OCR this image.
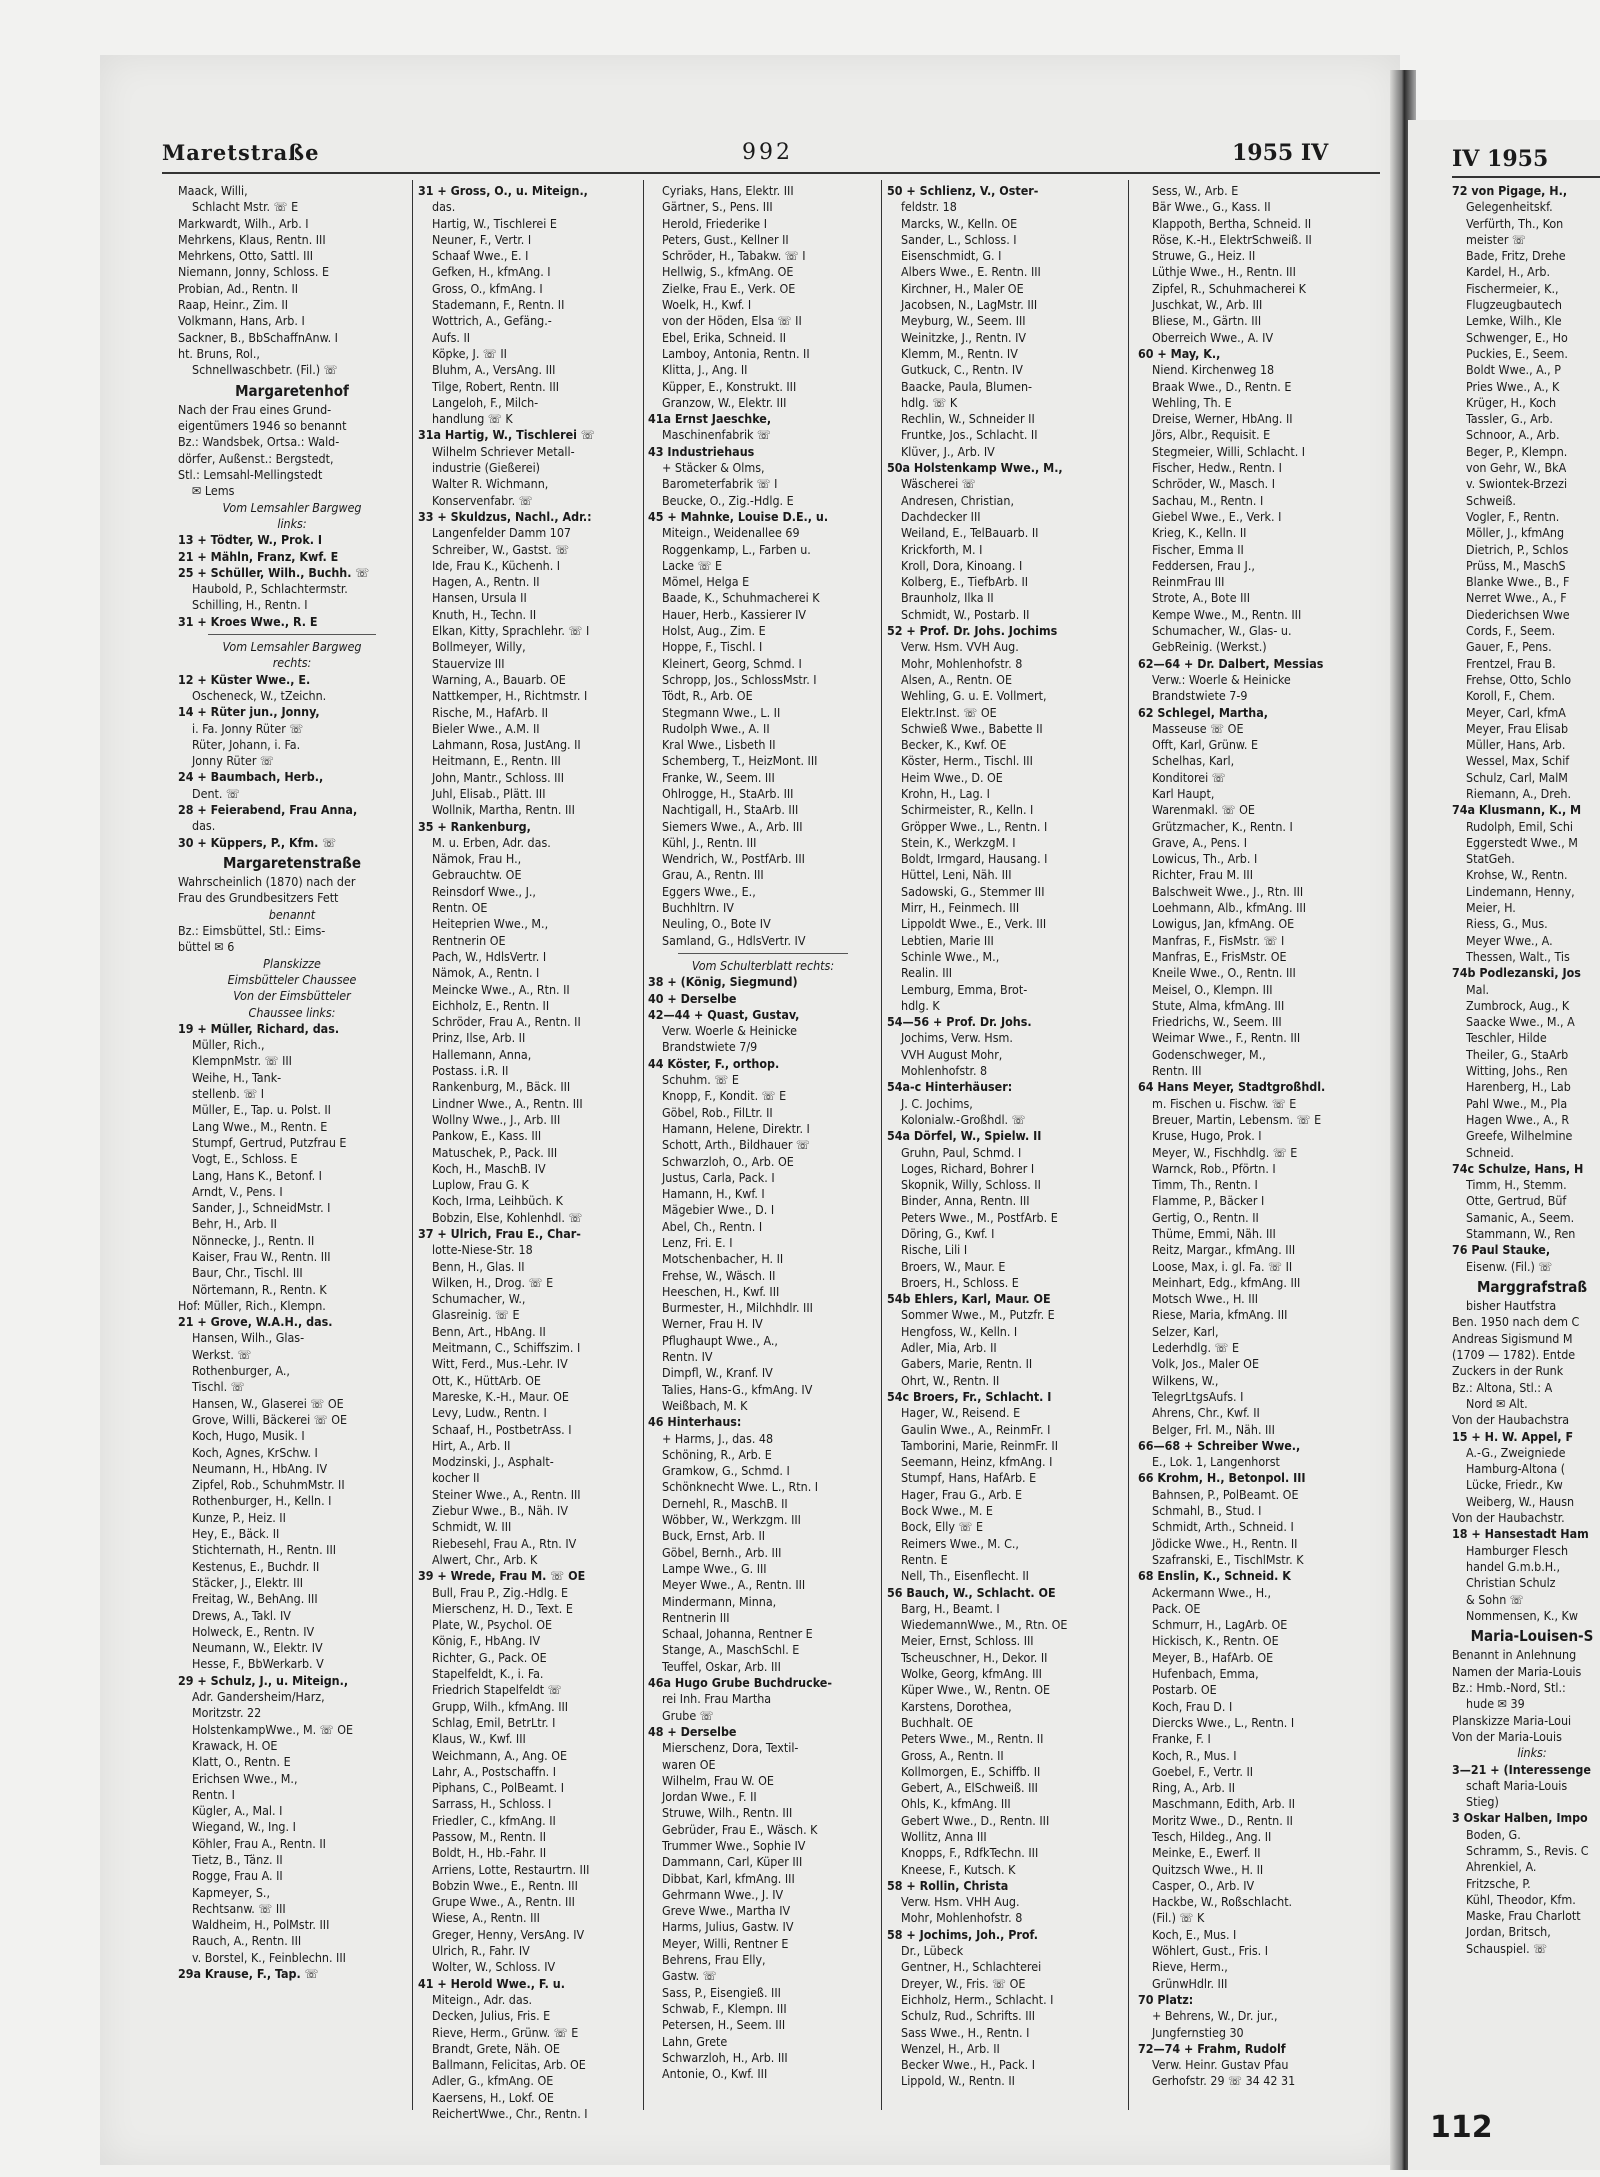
Maretstraße	992	1955 IV	IV 1955
Maack, Willi,
Schlacht Mstr. ☏ E
Markwardt, Wilh., Arb. I
Mehrkens, Klaus, Rentn. III
Mehrkens, Otto, Sattl. III
Niemann, Jonny, Schloss. E
Probian, Ad., Rentn. II
Raap, Heinr., Zim. II
Volkmann, Hans, Arb. I
Sackner, B., BbSchaffnAnw. I
ht. Bruns, Rol.,
Schnellwaschbetr. (Fil.) ☏
Margaretenhof
Nach der Frau eines Grund-
eigentümers 1946 so benannt
Bz.: Wandsbek, Ortsa.: Wald-
dörfer, Außenst.: Bergstedt,
Stl.: Lemsahl-Mellingstedt
✉ Lems
Vom Lemsahler Bargweg
links:
13 + Tödter, W., Prok. I
21 + Mähln, Franz, Kwf. E
25 + Schüller, Wilh., Buchh. ☏
Haubold, P., Schlachtermstr.
Schilling, H., Rentn. I
31 + Kroes Wwe., R. E
Vom Lemsahler Bargweg
rechts:
12 + Küster Wwe., E.
Oscheneck, W., tZeichn.
14 + Rüter jun., Jonny,
i. Fa. Jonny Rüter ☏
Rüter, Johann, i. Fa.
Jonny Rüter ☏
24 + Baumbach, Herb.,
Dent. ☏
28 + Feierabend, Frau Anna,
das.
30 + Küppers, P., Kfm. ☏
Margaretenstraße
Wahrscheinlich (1870) nach der
Frau des Grundbesitzers Fett
benannt
Bz.: Eimsbüttel, Stl.: Eims-
büttel ✉ 6
Planskizze
Eimsbütteler Chaussee
Von der Eimsbütteler
Chaussee links:
19 + Müller, Richard, das.
Müller, Rich.,
KlempnMstr. ☏ III
Weihe, H., Tank-
stellenb. ☏ I
Müller, E., Tap. u. Polst. II
Lang Wwe., M., Rentn. E
Stumpf, Gertrud, Putzfrau E
Vogt, E., Schloss. E
Lang, Hans K., Betonf. I
Arndt, V., Pens. I
Sander, J., SchneidMstr. I
Behr, H., Arb. II
Nönnecke, J., Rentn. II
Kaiser, Frau W., Rentn. III
Baur, Chr., Tischl. III
Nörtemann, R., Rentn. K
Hof: Müller, Rich., Klempn.
21 + Grove, W.A.H., das.
Hansen, Wilh., Glas-
Werkst. ☏
Rothenburger, A.,
Tischl. ☏
Hansen, W., Glaserei ☏ OE
Grove, Willi, Bäckerei ☏ OE
Koch, Hugo, Musik. I
Koch, Agnes, KrSchw. I
Neumann, H., HbAng. IV
Zipfel, Rob., SchuhmMstr. II
Rothenburger, H., Kelln. I
Kunze, P., Heiz. II
Hey, E., Bäck. II
Stichternath, H., Rentn. III
Kestenus, E., Buchdr. II
Stäcker, J., Elektr. III
Freitag, W., BehAng. III
Drews, A., Takl. IV
Holweck, E., Rentn. IV
Neumann, W., Elektr. IV
Hesse, F., BbWerkarb. V
29 + Schulz, J., u. Miteign.,
Adr. Gandersheim/Harz,
Moritzstr. 22
HolstenkampWwe., M. ☏ OE
Krawack, H. OE
Klatt, O., Rentn. E
Erichsen Wwe., M.,
Rentn. I
Kügler, A., Mal. I
Wiegand, W., Ing. I
Köhler, Frau A., Rentn. II
Tietz, B., Tänz. II
Rogge, Frau A. II
Kapmeyer, S.,
Rechtsanw. ☏ III
Waldheim, H., PolMstr. III
Rauch, A., Rentn. III
v. Borstel, K., Feinblechn. III
29a Krause, F., Tap. ☏
31 + Gross, O., u. Miteign.,
das.
Hartig, W., Tischlerei E
Neuner, F., Vertr. I
Schaaf Wwe., E. I
Gefken, H., kfmAng. I
Gross, O., kfmAng. I
Stademann, F., Rentn. II
Wottrich, A., Gefäng.-
Aufs. II
Köpke, J. ☏ II
Bluhm, A., VersAng. III
Tilge, Robert, Rentn. III
Langeloh, F., Milch-
handlung ☏ K
31a Hartig, W., Tischlerei ☏
Wilhelm Schriever Metall-
industrie (Gießerei)
Walter R. Wichmann,
Konservenfabr. ☏
33 + Skuldzus, Nachl., Adr.:
Langenfelder Damm 107
Schreiber, W., Gastst. ☏
Ide, Frau K., Küchenh. I
Hagen, A., Rentn. II
Hansen, Ursula II
Knuth, H., Techn. II
Elkan, Kitty, Sprachlehr. ☏ I
Bollmeyer, Willy,
Stauervize III
Warning, A., Bauarb. OE
Nattkemper, H., Richtmstr. I
Rische, M., HafArb. II
Bieler Wwe., A.M. II
Lahmann, Rosa, JustAng. II
Heitmann, E., Rentn. III
John, Mantr., Schloss. III
Juhl, Elisab., Plätt. III
Wollnik, Martha, Rentn. III
35 + Rankenburg,
M. u. Erben, Adr. das.
Nämok, Frau H.,
Gebrauchtw. OE
Reinsdorf Wwe., J.,
Rentn. OE
Heiteprien Wwe., M.,
Rentnerin OE
Pach, W., HdlsVertr. I
Nämok, A., Rentn. I
Meincke Wwe., A., Rtn. II
Eichholz, E., Rentn. II
Schröder, Frau A., Rentn. II
Prinz, Ilse, Arb. II
Hallemann, Anna,
Postass. i.R. II
Rankenburg, M., Bäck. III
Lindner Wwe., A., Rentn. III
Wollny Wwe., J., Arb. III
Pankow, E., Kass. III
Matuschek, P., Pack. III
Koch, H., MaschB. IV
Luplow, Frau G. K
Koch, Irma, Leihbüch. K
Bobzin, Else, Kohlenhdl. ☏
37 + Ulrich, Frau E., Char-
lotte-Niese-Str. 18
Benn, H., Glas. II
Wilken, H., Drog. ☏ E
Schumacher, W.,
Glasreinig. ☏ E
Benn, Art., HbAng. II
Meitmann, C., Schiffszim. I
Witt, Ferd., Mus.-Lehr. IV
Ott, K., HüttArb. OE
Mareske, K.-H., Maur. OE
Levy, Ludw., Rentn. I
Schaaf, H., PostbetrAss. I
Hirt, A., Arb. II
Modzinski, J., Asphalt-
kocher II
Steiner Wwe., A., Rentn. III
Ziebur Wwe., B., Näh. IV
Schmidt, W. III
Riebesehl, Frau A., Rtn. IV
Alwert, Chr., Arb. K
39 + Wrede, Frau M. ☏ OE
Bull, Frau P., Zig.-Hdlg. E
Mierschenz, H. D., Text. E
Plate, W., Psychol. OE
König, F., HbAng. IV
Richter, G., Pack. OE
Stapelfeldt, K., i. Fa.
Friedrich Stapelfeldt ☏
Grupp, Wilh., kfmAng. III
Schlag, Emil, BetrLtr. I
Klaus, W., Kwf. III
Weichmann, A., Ang. OE
Lahr, A., Postschaffn. I
Piphans, C., PolBeamt. I
Sarrass, H., Schloss. I
Friedler, C., kfmAng. II
Passow, M., Rentn. II
Boldt, H., Hb.-Fahr. II
Arriens, Lotte, Restaurtrn. III
Bobzin Wwe., E., Rentn. III
Grupe Wwe., A., Rentn. III
Wiese, A., Rentn. III
Greger, Henny, VersAng. IV
Ulrich, R., Fahr. IV
Wolter, W., Schloss. IV
41 + Herold Wwe., F. u.
Miteign., Adr. das.
Decken, Julius, Fris. E
Rieve, Herm., Grünw. ☏ E
Brandt, Grete, Näh. OE
Ballmann, Felicitas, Arb. OE
Adler, G., kfmAng. OE
Kaersens, H., Lokf. OE
ReichertWwe., Chr., Rentn. I
Cyriaks, Hans, Elektr. III
Gärtner, S., Pens. III
Herold, Friederike I
Peters, Gust., Kellner II
Schröder, H., Tabakw. ☏ I
Hellwig, S., kfmAng. OE
Zielke, Frau E., Verk. OE
Woelk, H., Kwf. I
von der Höden, Elsa ☏ II
Ebel, Erika, Schneid. II
Lamboy, Antonia, Rentn. II
Klitta, J., Ang. II
Küpper, E., Konstrukt. III
Granzow, W., Elektr. III
41a Ernst Jaeschke,
Maschinenfabrik ☏
43 Industriehaus
+ Stäcker & Olms,
Barometerfabrik ☏ I
Beucke, O., Zig.-Hdlg. E
45 + Mahnke, Louise D.E., u.
Miteign., Weidenallee 69
Roggenkamp, L., Farben u.
Lacke ☏ E
Mömel, Helga E
Baade, K., Schuhmacherei K
Hauer, Herb., Kassierer IV
Holst, Aug., Zim. E
Hoppe, F., Tischl. I
Kleinert, Georg, Schmd. I
Schropp, Jos., SchlossMstr. I
Tödt, R., Arb. OE
Stegmann Wwe., L. II
Rudolph Wwe., A. II
Kral Wwe., Lisbeth II
Schemberg, T., HeizMont. III
Franke, W., Seem. III
Ohlrogge, H., StaArb. III
Nachtigall, H., StaArb. III
Siemers Wwe., A., Arb. III
Kühl, J., Rentn. III
Wendrich, W., PostfArb. III
Grau, A., Rentn. III
Eggers Wwe., E.,
Buchhltrn. IV
Neuling, O., Bote IV
Samland, G., HdlsVertr. IV
Vom Schulterblatt rechts:
38 + (König, Siegmund)
40 + Derselbe
42—44 + Quast, Gustav,
Verw. Woerle & Heinicke
Brandstwiete 7/9
44 Köster, F., orthop.
Schuhm. ☏ E
Knopp, F., Kondit. ☏ E
Göbel, Rob., FilLtr. II
Hamann, Helene, Direktr. I
Schott, Arth., Bildhauer ☏
Schwarzloh, O., Arb. OE
Justus, Carla, Pack. I
Hamann, H., Kwf. I
Mägebier Wwe., D. I
Abel, Ch., Rentn. I
Lenz, Fri. E. I
Motschenbacher, H. II
Frehse, W., Wäsch. II
Heeschen, H., Kwf. III
Burmester, H., Milchhdlr. III
Werner, Frau H. IV
Pflughaupt Wwe., A.,
Rentn. IV
Dimpfl, W., Kranf. IV
Talies, Hans-G., kfmAng. IV
Weißbach, M. K
46 Hinterhaus:
+ Harms, J., das. 48
Schöning, R., Arb. E
Gramkow, G., Schmd. I
Schönknecht Wwe. L., Rtn. I
Dernehl, R., MaschB. II
Wöbber, W., Werkzgm. III
Buck, Ernst, Arb. II
Göbel, Bernh., Arb. III
Lampe Wwe., G. III
Meyer Wwe., A., Rentn. III
Mindermann, Minna,
Rentnerin III
Schaal, Johanna, Rentner E
Stange, A., MaschSchl. E
Teuffel, Oskar, Arb. III
46a Hugo Grube Buchdrucke-
rei Inh. Frau Martha
Grube ☏
48 + Derselbe
Mierschenz, Dora, Textil-
waren OE
Wilhelm, Frau W. OE
Jordan Wwe., F. II
Struwe, Wilh., Rentn. III
Gebrüder, Frau E., Wäsch. K
Trummer Wwe., Sophie IV
Dammann, Carl, Küper III
Dibbat, Karl, kfmAng. III
Gehrmann Wwe., J. IV
Greve Wwe., Martha IV
Harms, Julius, Gastw. IV
Meyer, Willi, Rentner E
Behrens, Frau Elly,
Gastw. ☏
Sass, P., Eisengieß. III
Schwab, F., Klempn. III
Petersen, H., Seem. III
Lahn, Grete
Schwarzloh, H., Arb. III
Antonie, O., Kwf. III
50 + Schlienz, V., Oster-
feldstr. 18
Marcks, W., Kelln. OE
Sander, L., Schloss. I
Eisenschmidt, G. I
Albers Wwe., E. Rentn. III
Kirchner, H., Maler OE
Jacobsen, N., LagMstr. III
Meyburg, W., Seem. III
Weinitzke, J., Rentn. IV
Klemm, M., Rentn. IV
Gutkuck, C., Rentn. IV
Baacke, Paula, Blumen-
hdlg. ☏ K
Rechlin, W., Schneider II
Fruntke, Jos., Schlacht. II
Klüver, J., Arb. IV
50a Holstenkamp Wwe., M.,
Wäscherei ☏
Andresen, Christian,
Dachdecker III
Weiland, E., TelBauarb. II
Krickforth, M. I
Kroll, Dora, Kinoang. I
Kolberg, E., TiefbArb. II
Braunholz, Ilka II
Schmidt, W., Postarb. II
52 + Prof. Dr. Johs. Jochims
Verw. Hsm. VVH Aug.
Mohr, Mohlenhofstr. 8
Alsen, A., Rentn. OE
Wehling, G. u. E. Vollmert,
Elektr.Inst. ☏ OE
Schwieß Wwe., Babette II
Becker, K., Kwf. OE
Köster, Herm., Tischl. III
Heim Wwe., D. OE
Krohn, H., Lag. I
Schirmeister, R., Kelln. I
Gröpper Wwe., L., Rentn. I
Stein, K., WerkzgM. I
Boldt, Irmgard, Hausang. I
Hüttel, Leni, Näh. III
Sadowski, G., Stemmer III
Mirr, H., Feinmech. III
Lippoldt Wwe., E., Verk. III
Lebtien, Marie III
Schinle Wwe., M.,
Realin. III
Lemburg, Emma, Brot-
hdlg. K
54—56 + Prof. Dr. Johs.
Jochims, Verw. Hsm.
VVH August Mohr,
Mohlenhofstr. 8
54a-c Hinterhäuser:
J. C. Jochims,
Kolonialw.-Großhdl. ☏
54a Dörfel, W., Spielw. II
Gruhn, Paul, Schmd. I
Loges, Richard, Bohrer I
Skopnik, Willy, Schloss. II
Binder, Anna, Rentn. III
Peters Wwe., M., PostfArb. E
Döring, G., Kwf. I
Rische, Lili I
Broers, W., Maur. E
Broers, H., Schloss. E
54b Ehlers, Karl, Maur. OE
Sommer Wwe., M., Putzfr. E
Hengfoss, W., Kelln. I
Adler, Mia, Arb. II
Gabers, Marie, Rentn. II
Ohrt, W., Rentn. II
54c Broers, Fr., Schlacht. I
Hager, W., Reisend. E
Gaulin Wwe., A., ReinmFr. I
Tamborini, Marie, ReinmFr. II
Seemann, Heinz, kfmAng. I
Stumpf, Hans, HafArb. E
Hager, Frau G., Arb. E
Bock Wwe., M. E
Bock, Elly ☏ E
Reimers Wwe., M. C.,
Rentn. E
Nell, Th., Eisenflecht. II
56 Bauch, W., Schlacht. OE
Barg, H., Beamt. I
WiedemannWwe., M., Rtn. OE
Meier, Ernst, Schloss. III
Tscheuschner, H., Dekor. II
Wolke, Georg, kfmAng. III
Küper Wwe., W., Rentn. OE
Karstens, Dorothea,
Buchhalt. OE
Peters Wwe., M., Rentn. II
Gross, A., Rentn. II
Kollmorgen, E., Schiffb. II
Gebert, A., ElSchweiß. III
Ohls, K., kfmAng. III
Gebert Wwe., D., Rentn. III
Wollitz, Anna III
Knopps, F., RdfkTechn. III
Kneese, F., Kutsch. K
58 + Rollin, Christa
Verw. Hsm. VHH Aug.
Mohr, Mohlenhofstr. 8
58 + Jochims, Joh., Prof.
Dr., Lübeck
Gentner, H., Schlachterei
Dreyer, W., Fris. ☏ OE
Eichholz, Herm., Schlacht. I
Schulz, Rud., Schrifts. III
Sass Wwe., H., Rentn. I
Wenzel, H., Arb. II
Becker Wwe., H., Pack. I
Lippold, W., Rentn. II
Sess, W., Arb. E
Bär Wwe., G., Kass. II
Klappoth, Bertha, Schneid. II
Röse, K.-H., ElektrSchweiß. II
Struwe, G., Heiz. II
Lüthje Wwe., H., Rentn. III
Zipfel, R., Schuhmacherei K
Juschkat, W., Arb. III
Bliese, M., Gärtn. III
Oberreich Wwe., A. IV
60 + May, K.,
Niend. Kirchenweg 18
Braak Wwe., D., Rentn. E
Wehling, Th. E
Dreise, Werner, HbAng. II
Jörs, Albr., Requisit. E
Stegmeier, Willi, Schlacht. I
Fischer, Hedw., Rentn. I
Schröder, W., Masch. I
Sachau, M., Rentn. I
Giebel Wwe., E., Verk. I
Krieg, K., Kelln. II
Fischer, Emma II
Feddersen, Frau J.,
ReinmFrau III
Strote, A., Bote III
Kempe Wwe., M., Rentn. III
Schumacher, W., Glas- u.
GebReinig. (Werkst.)
62—64 + Dr. Dalbert, Messias
Verw.: Woerle & Heinicke
Brandstwiete 7-9
62 Schlegel, Martha,
Masseuse ☏ OE
Offt, Karl, Grünw. E
Schelhas, Karl,
Konditorei ☏
Karl Haupt,
Warenmakl. ☏ OE
Grützmacher, K., Rentn. I
Grave, A., Pens. I
Lowicus, Th., Arb. I
Richter, Frau M. III
Balschweit Wwe., J., Rtn. III
Loehmann, Alb., kfmAng. III
Lowigus, Jan, kfmAng. OE
Manfras, F., FisMstr. ☏ I
Manfras, E., FrisMstr. OE
Kneile Wwe., O., Rentn. III
Meisel, O., Klempn. III
Stute, Alma, kfmAng. III
Friedrichs, W., Seem. III
Weimar Wwe., F., Rentn. III
Godenschweger, M.,
Rentn. III
64 Hans Meyer, Stadtgroßhdl.
m. Fischen u. Fischw. ☏ E
Breuer, Martin, Lebensm. ☏ E
Kruse, Hugo, Prok. I
Meyer, W., Fischhdlg. ☏ E
Warnck, Rob., Pförtn. I
Timm, Th., Rentn. I
Flamme, P., Bäcker I
Gertig, O., Rentn. II
Thüme, Emmi, Näh. III
Reitz, Margar., kfmAng. III
Loose, Max, i. gl. Fa. ☏ II
Meinhart, Edg., kfmAng. III
Motsch Wwe., H. III
Riese, Maria, kfmAng. III
Selzer, Karl,
Lederhdlg. ☏ E
Volk, Jos., Maler OE
Wilkens, W.,
TelegrLtgsAufs. I
Ahrens, Chr., Kwf. II
Belger, Frl. M., Näh. III
66—68 + Schreiber Wwe.,
E., Lok. 1, Langenhorst
66 Krohm, H., Betonpol. III
Bahnsen, P., PolBeamt. OE
Schmahl, B., Stud. I
Schmidt, Arth., Schneid. I
Jödicke Wwe., H., Rentn. II
Szafranski, E., TischlMstr. K
68 Enslin, K., Schneid. K
Ackermann Wwe., H.,
Pack. OE
Schmurr, H., LagArb. OE
Hickisch, K., Rentn. OE
Meyer, B., HafArb. OE
Hufenbach, Emma,
Postarb. OE
Koch, Frau D. I
Diercks Wwe., L., Rentn. I
Franke, F. I
Koch, R., Mus. I
Goebel, F., Vertr. II
Ring, A., Arb. II
Maschmann, Edith, Arb. II
Moritz Wwe., D., Rentn. II
Tesch, Hildeg., Ang. II
Meinke, E., Ewerf. II
Quitzsch Wwe., H. II
Casper, O., Arb. IV
Hackbe, W., Roßschlacht.
(Fil.) ☏ K
Koch, E., Mus. I
Wöhlert, Gust., Fris. I
Rieve, Herm.,
GrünwHdlr. III
70 Platz:
+ Behrens, W., Dr. jur.,
Jungfernstieg 30
72—74 + Frahm, Rudolf
Verw. Heinr. Gustav Pfau
Gerhofstr. 29 ☏ 34 42 31
72 von Pigage, H.,
Gelegenheitskf.
Verfürth, Th., Kon
meister ☏
Bade, Fritz, Drehe
Kardel, H., Arb.
Fischermeier, K.,
Flugzeugbautech
Lemke, Wilh., Kle
Schwenger, E., Ho
Puckies, E., Seem.
Boldt Wwe., A., P
Pries Wwe., A., K
Krüger, H., Koch
Tassler, G., Arb.
Schnoor, A., Arb.
Beger, P., Klempn.
von Gehr, W., BkA
v. Swiontek-Brzezi
Schweiß.
Vogler, F., Rentn.
Möller, J., kfmAng
Dietrich, P., Schlos
Prüss, M., MaschS
Blanke Wwe., B., F
Nerret Wwe., A., F
Diederichsen Wwe
Cords, F., Seem.
Gauer, F., Pens.
Frentzel, Frau B.
Frehse, Otto, Schlo
Koroll, F., Chem.
Meyer, Carl, kfmA
Meyer, Frau Elisab
Müller, Hans, Arb.
Wessel, Max, Schif
Schulz, Carl, MalM
Riemann, A., Dreh.
74a Klusmann, K., M
Rudolph, Emil, Schi
Eggerstedt Wwe., M
StatGeh.
Krohse, W., Rentn.
Lindemann, Henny,
Meier, H.
Riess, G., Mus.
Meyer Wwe., A.
Thessen, Walt., Tis
74b Podlezanski, Jos
Mal.
Zumbrock, Aug., K
Saacke Wwe., M., A
Teschler, Hilde
Theiler, G., StaArb
Witting, Johs., Ren
Harenberg, H., Lab
Pahl Wwe., M., Pla
Hagen Wwe., A., R
Greefe, Wilhelmine
Schneid.
74c Schulze, Hans, H
Timm, H., Stemm.
Otte, Gertrud, Büf
Samanic, A., Seem.
Stammann, W., Ren
76 Paul Stauke,
Eisenw. (Fil.) ☏
Marggrafstraß
bisher Hautfstra
Ben. 1950 nach dem C
Andreas Sigismund M
(1709 — 1782). Entde
Zuckers in der Runk
Bz.: Altona, Stl.: A
Nord ✉ Alt.
Von der Haubachstra
15 + H. W. Appel, F
A.-G., Zweigniede
Hamburg-Altona (
Lücke, Friedr., Kw
Weiberg, W., Hausn
Von der Haubachstr.
18 + Hansestadt Ham
Hamburger Flesch
handel G.m.b.H.,
Christian Schulz
& Sohn ☏
Nommensen, K., Kw
Maria-Louisen-S
Benannt in Anlehnung
Namen der Maria-Louis
Bz.: Hmb.-Nord, Stl.:
hude ✉ 39
Planskizze Maria-Loui
Von der Maria-Louis
links:
3—21 + (Interessenge
schaft Maria-Louis
Stieg)
3 Oskar Halben, Impo
Boden, G.
Schramm, S., Revis. C
Ahrenkiel, A.
Fritzsche, P.
Kühl, Theodor, Kfm.
Maske, Frau Charlott
Jordan, Britsch,
Schauspiel. ☏
112
